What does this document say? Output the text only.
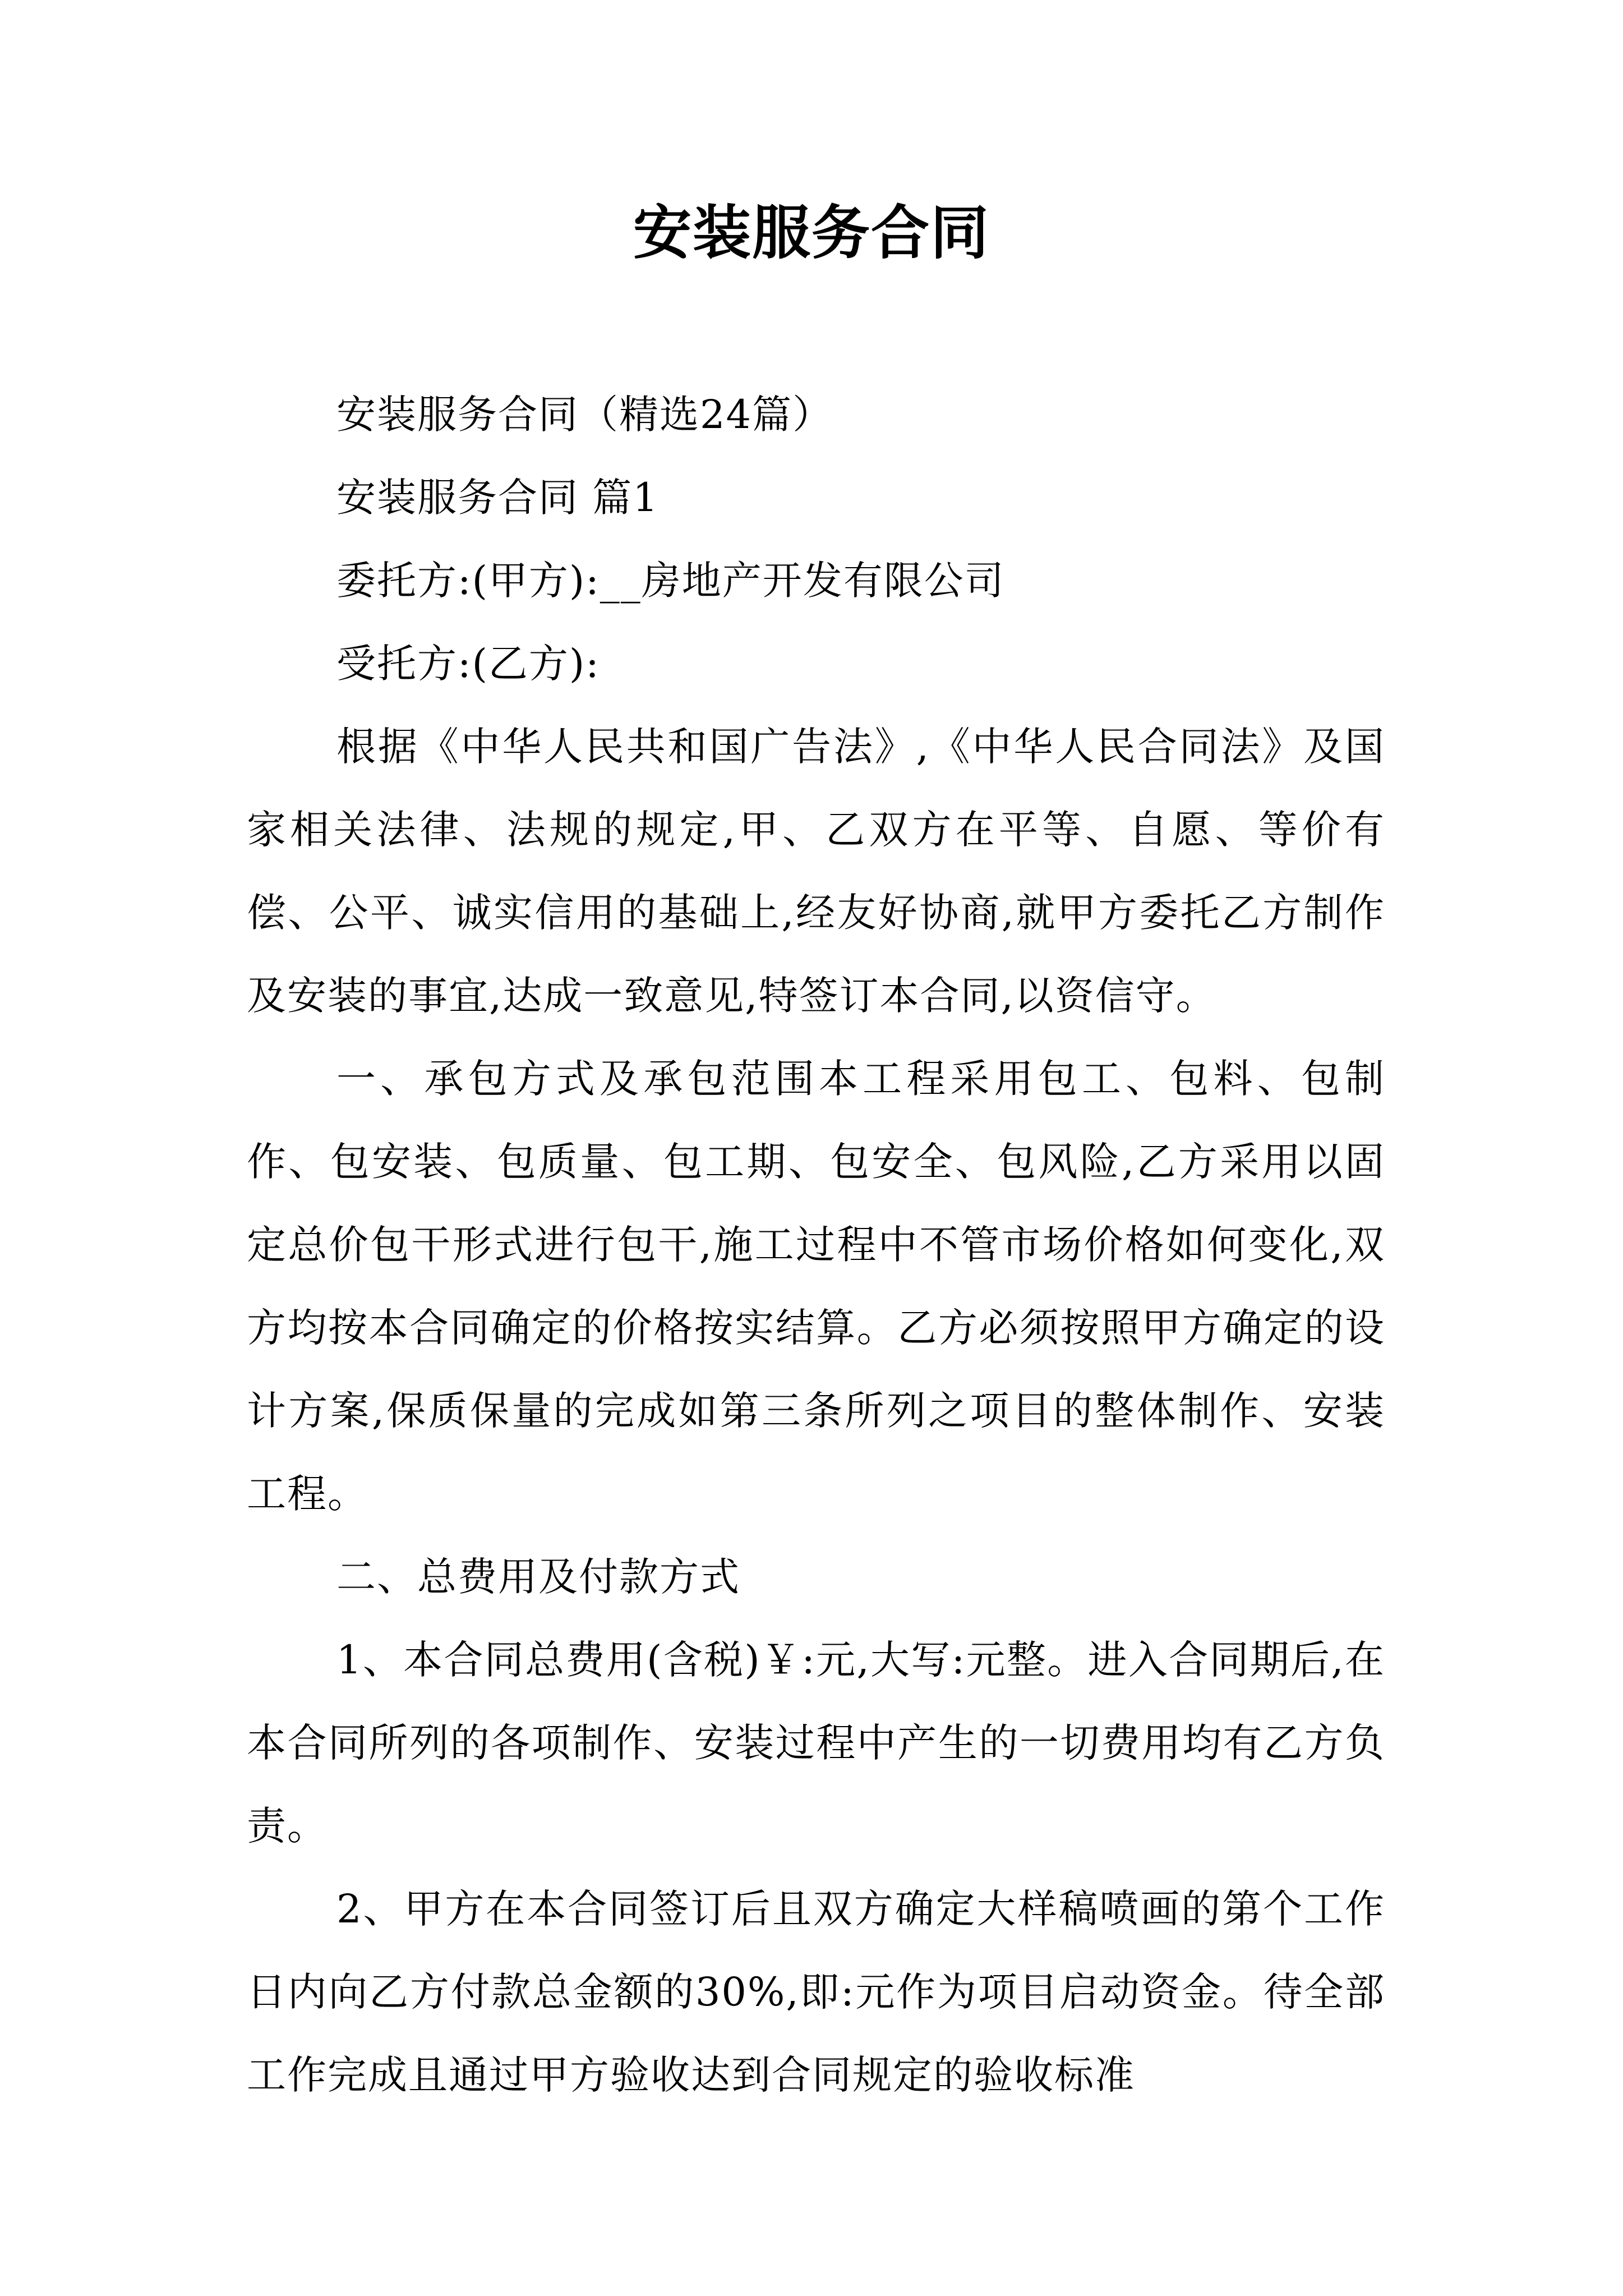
安装服务合同

安装服务合同（精选24篇）

安装服务合同 篇1

委托方:(甲方):__房地产开发有限公司

受托方:(乙方):

根据《中华人民共和国广告法》,《中华人民合同法》及国家相关法律、法规的规定,甲、乙双方在平等、自愿、等价有偿、公平、诚实信用的基础上,经友好协商,就甲方委托乙方制作及安装的事宜,达成一致意见,特签订本合同,以资信守。

一、承包方式及承包范围本工程采用包工、包料、包制作、包安装、包质量、包工期、包安全、包风险,乙方采用以固定总价包干形式进行包干,施工过程中不管市场价格如何变化,双方均按本合同确定的价格按实结算。乙方必须按照甲方确定的设计方案,保质保量的完成如第三条所列之项目的整体制作、安装工程。

二、总费用及付款方式

1、本合同总费用(含税)￥:元,大写:元整。进入合同期后,在本合同所列的各项制作、安装过程中产生的一切费用均有乙方负责。

2、甲方在本合同签订后且双方确定大样稿喷画的第个工作日内向乙方付款总金额的30%,即:元作为项目启动资金。待全部工作完成且通过甲方验收达到合同规定的验收标准
